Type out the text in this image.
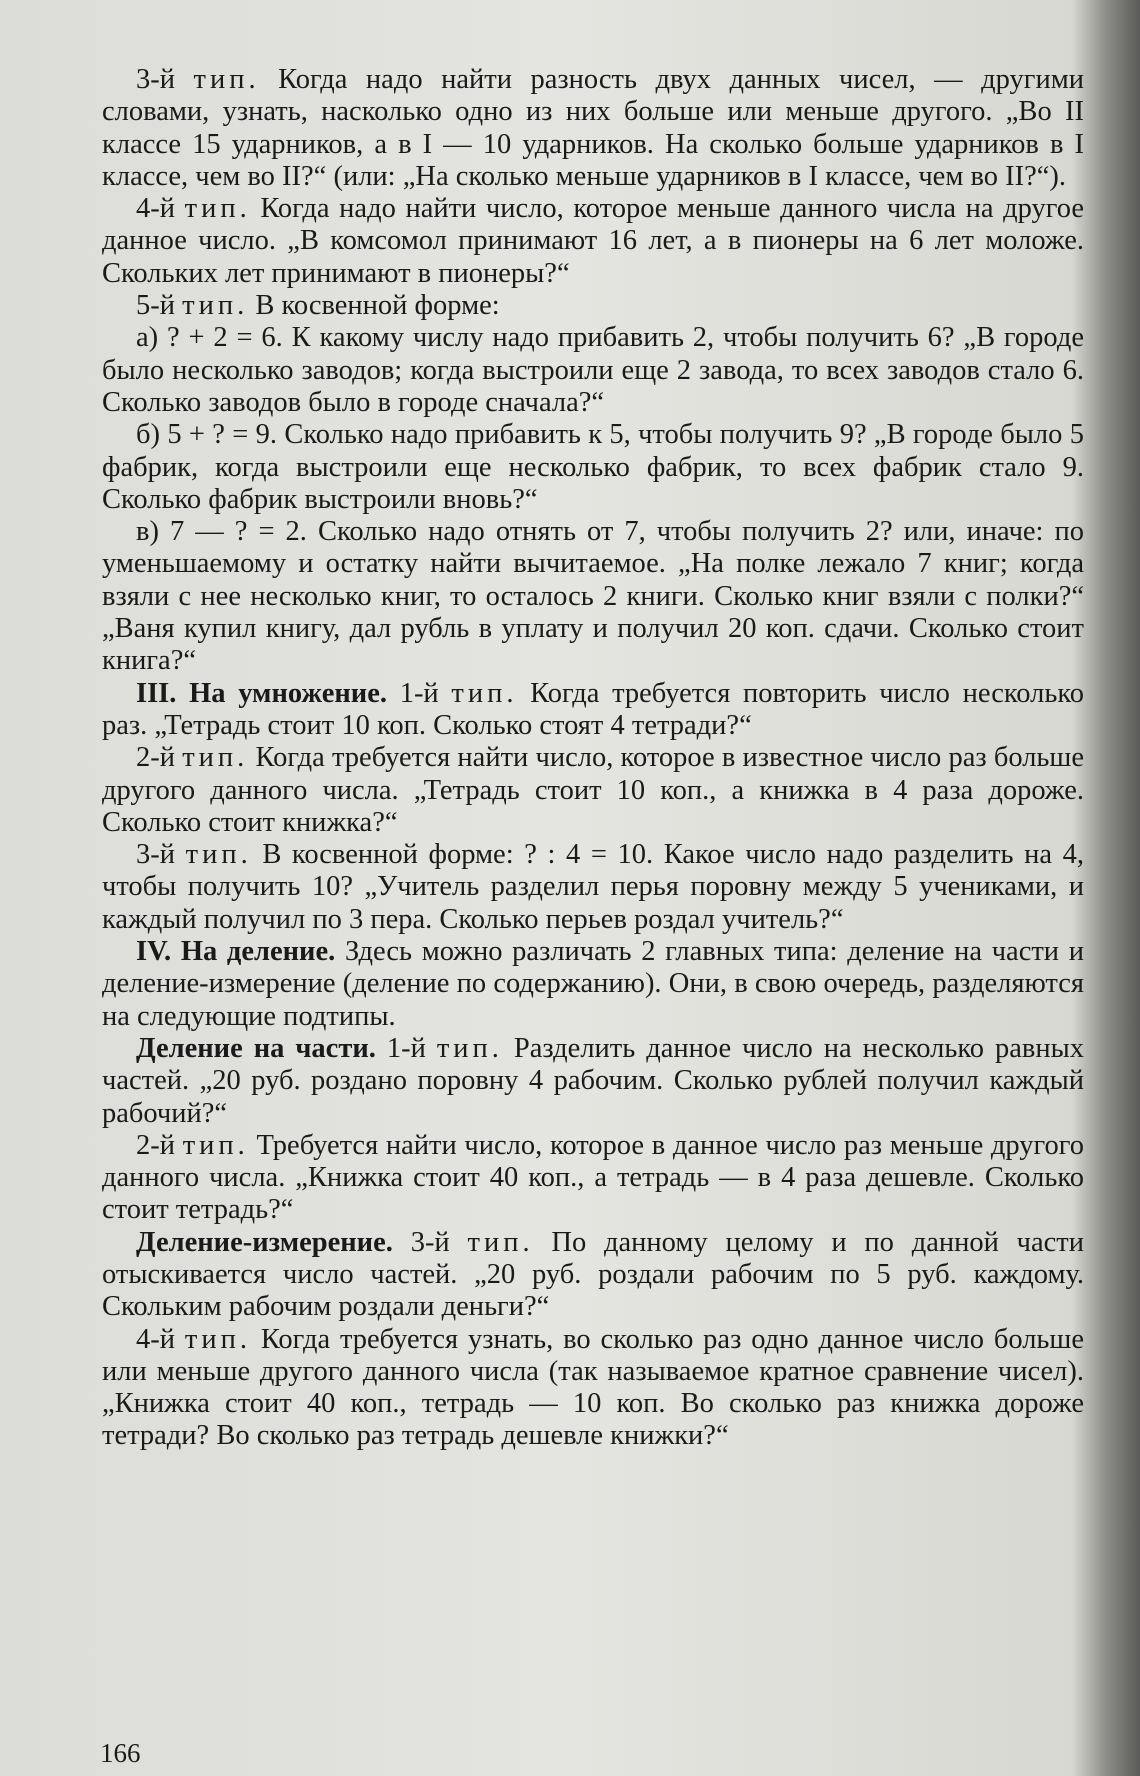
3-й тип. Когда надо найти разность двух данных чисел, — другими словами, узнать, насколько одно из них больше или меньше другого. „Во II классе 15 ударников, а в I — 10 ударников. На сколько больше ударников в I классе, чем во II?“ (или: „На сколько меньше ударников в I классе, чем во II?“).

4-й тип. Когда надо найти число, которое меньше данного числа на другое данное число. „В комсомол принимают 16 лет, а в пионеры на 6 лет моложе. Скольких лет принимают в пионеры?“

5-й тип. В косвенной форме:

а) ? + 2 = 6. К какому числу надо прибавить 2, чтобы получить 6? „В городе было несколько заводов; когда выстроили еще 2 завода, то всех заводов стало 6. Сколько заводов было в городе сначала?“

б) 5 + ? = 9. Сколько надо прибавить к 5, чтобы получить 9? „В городе было 5 фабрик, когда выстроили еще несколько фабрик, то всех фабрик стало 9. Сколько фабрик выстроили вновь?“

в) 7 — ? = 2. Сколько надо отнять от 7, чтобы получить 2? или, иначе: по уменьшаемому и остатку найти вычитаемое. „На полке лежало 7 книг; когда взяли с нее несколько книг, то осталось 2 книги. Сколько книг взяли с полки?“ „Ваня купил книгу, дал рубль в уплату и получил 20 коп. сдачи. Сколько стоит книга?“

III. На умножение. 1-й тип. Когда требуется повторить число несколько раз. „Тетрадь стоит 10 коп. Сколько стоят 4 тетради?“

2-й тип. Когда требуется найти число, которое в известное число раз больше другого данного числа. „Тетрадь стоит 10 коп., а книжка в 4 раза дороже. Сколько стоит книжка?“

3-й тип. В косвенной форме: ? : 4 = 10. Какое число надо разделить на 4, чтобы получить 10? „Учитель разделил перья поровну между 5 учениками, и каждый получил по 3 пера. Сколько перьев роздал учитель?“

IV. На деление. Здесь можно различать 2 главных типа: деление на части и деление-измерение (деление по содержанию). Они, в свою очередь, разделяются на следующие подтипы.

Деление на части. 1-й тип. Разделить данное число на несколько равных частей. „20 руб. роздано поровну 4 рабочим. Сколько рублей получил каждый рабочий?“

2-й тип. Требуется найти число, которое в данное число раз меньше другого данного числа. „Книжка стоит 40 коп., а тетрадь — в 4 раза дешевле. Сколько стоит тетрадь?“

Деление-измерение. 3-й тип. По данному целому и по данной части отыскивается число частей. „20 руб. роздали рабочим по 5 руб. каждому. Скольким рабочим роздали деньги?“

4-й тип. Когда требуется узнать, во сколько раз одно данное число больше или меньше другого данного числа (так называемое кратное сравнение чисел). „Книжка стоит 40 коп., тетрадь — 10 коп. Во сколько раз книжка дороже тетради? Во сколько раз тетрадь дешевле книжки?“

166
